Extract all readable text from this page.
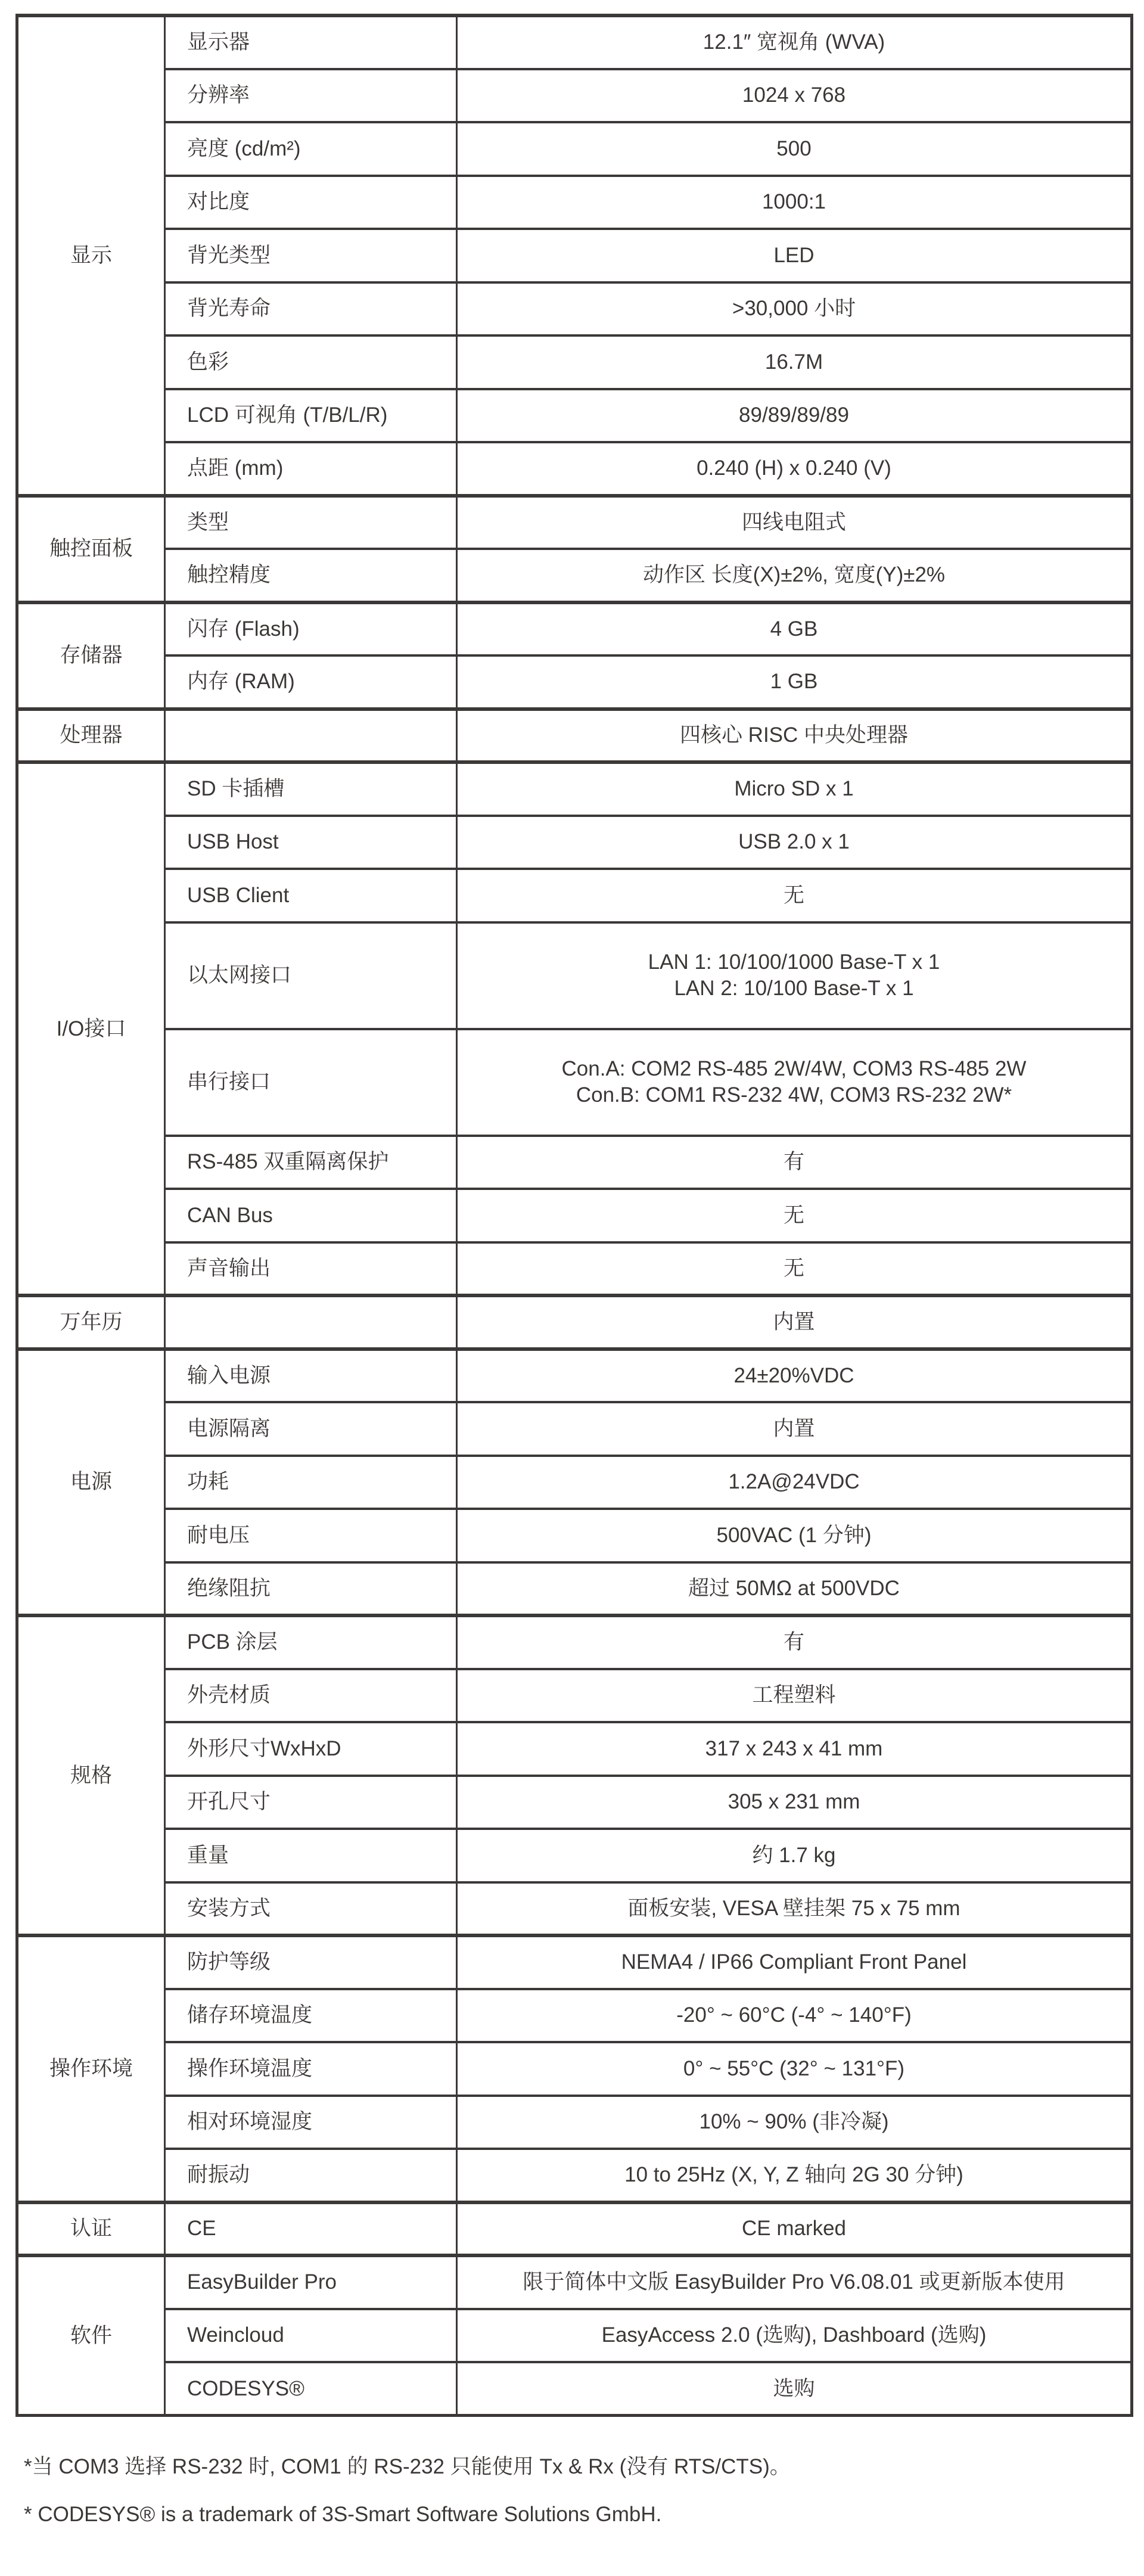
显示	显示器	12.1″ 宽视角 (WVA)
	分辨率	1024 x 768
	亮度 (cd/m²)	500
	对比度	1000:1
	背光类型	LED
	背光寿命	>30,000 小时
	色彩	16.7M
	LCD 可视角 (T/B/L/R)	89/89/89/89
	点距 (mm)	0.240 (H) x 0.240 (V)
触控面板	类型	四线电阻式
	触控精度	动作区 长度(X)±2%, 宽度(Y)±2%
存储器	闪存 (Flash)	4 GB
	内存 (RAM)	1 GB
处理器		四核心 RISC 中央处理器
I/O接口	SD 卡插槽	Micro SD x 1
	USB Host	USB 2.0 x 1
	USB Client	无
	以太网接口	LAN 1: 10/100/1000 Base-T x 1
LAN 2: 10/100 Base-T x 1

	串行接口	Con.A: COM2 RS-485 2W/4W, COM3 RS-485 2W
Con.B: COM1 RS-232 4W, COM3 RS-232 2W*

	RS-485 双重隔离保护	有
	CAN Bus	无
	声音输出	无
万年历		内置
电源	输入电源	24±20%VDC
	电源隔离	内置
	功耗	1.2A@24VDC
	耐电压	500VAC (1 分钟)
	绝缘阻抗	超过 50MΩ at 500VDC
规格	PCB 涂层	有
	外壳材质	工程塑料
	外形尺寸WxHxD	317 x 243 x 41 mm
	开孔尺寸	305 x 231 mm
	重量	约 1.7 kg
	安装方式	面板安装, VESA 壁挂架 75 x 75 mm
操作环境	防护等级	NEMA4 / IP66 Compliant Front Panel
	储存环境温度	-20° ~ 60°C (-4° ~ 140°F)
	操作环境温度	0° ~ 55°C (32° ~ 131°F)
	相对环境湿度	10% ~ 90% (非冷凝)
	耐振动	10 to 25Hz (X, Y, Z 轴向 2G 30 分钟)
认证	CE	CE marked
软件	EasyBuilder Pro	限于简体中文版 EasyBuilder Pro V6.08.01 或更新版本使用
	Weincloud	EasyAccess 2.0 (选购), Dashboard (选购)
	CODESYS®	选购
*当 COM3 选择 RS-232 时, COM1 的 RS-232 只能使用 Tx & Rx (没有 RTS/CTS)。
* CODESYS® is a trademark of 3S-Smart Software Solutions GmbH.
